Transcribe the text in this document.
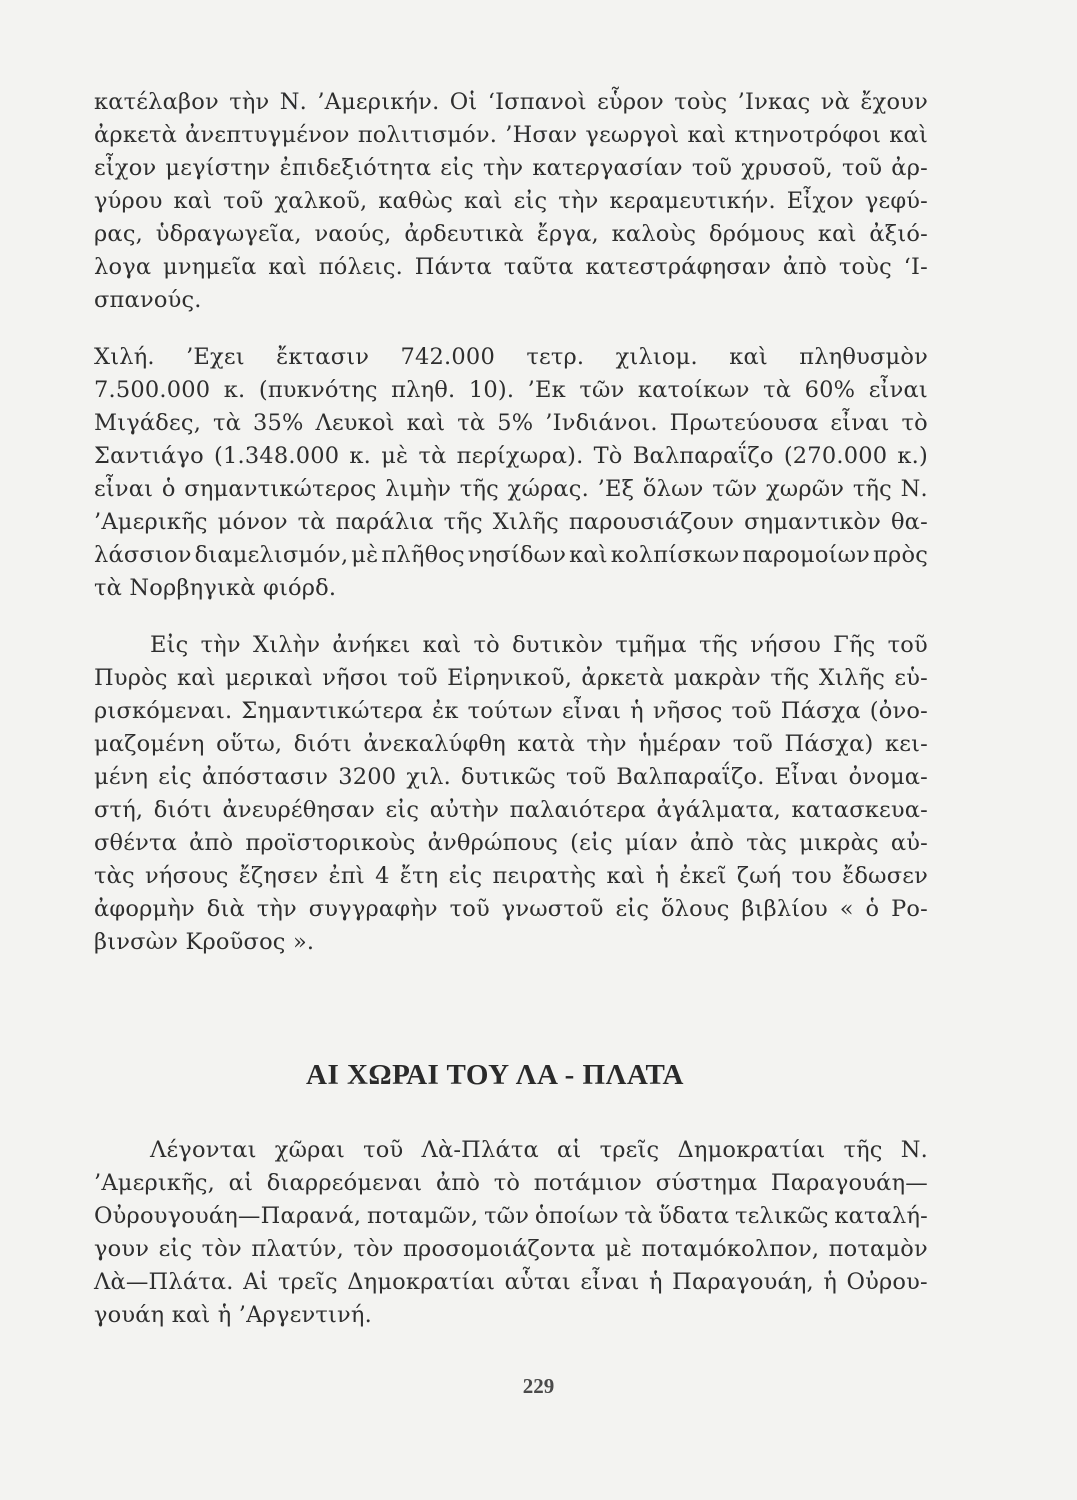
κατέλαβον τὴν Ν. ’Αμερικήν. Οἱ ‘Ισπανοὶ εὗρον τοὺς ’Ινκας νὰ ἔχουν
ἀρκετὰ ἀνεπτυγμένον πολιτισμόν. ’Ησαν γεωργοὶ καὶ κτηνοτρόφοι καὶ
εἶχον μεγίστην ἐπιδεξιότητα εἰς τὴν κατεργασίαν τοῦ χρυσοῦ, τοῦ ἀρ-
γύρου καὶ τοῦ χαλκοῦ, καθὼς καὶ εἰς τὴν κεραμευτικήν. Εἶχον γεφύ-
ρας, ὑδραγωγεῖα, ναούς, ἀρδευτικὰ ἔργα, καλοὺς δρόμους καὶ ἀξιό-
λογα μνημεῖα καὶ πόλεις. Πάντα ταῦτα κατεστράφησαν ἀπὸ τοὺς ‘Ι-
σπανούς.
Χιλή. ’Εχει ἔκτασιν 742.000 τετρ. χιλιομ. καὶ πληθυσμὸν
7.500.000 κ. (πυκνότης πληθ. 10). ’Εκ τῶν κατοίκων τὰ 60% εἶναι
Μιγάδες, τὰ 35% Λευκοὶ καὶ τὰ 5% ’Ινδιάνοι. Πρωτεύουσα εἶναι τὸ
Σαντιάγο (1.348.000 κ. μὲ τὰ περίχωρα). Τὸ Βαλπαραΐζο (270.000 κ.)
εἶναι ὁ σημαντικώτερος λιμὴν τῆς χώρας. ’Εξ ὅλων τῶν χωρῶν τῆς Ν.
’Αμερικῆς μόνον τὰ παράλια τῆς Χιλῆς παρουσιάζουν σημαντικὸν θα-
λάσσιον διαμελισμόν, μὲ πλῆθος νησίδων καὶ κολπίσκων παρομοίων πρὸς
τὰ Νορβηγικὰ φιόρδ.
Εἰς τὴν Χιλὴν ἀνήκει καὶ τὸ δυτικὸν τμῆμα τῆς νήσου Γῆς τοῦ
Πυρὸς καὶ μερικαὶ νῆσοι τοῦ Εἰρηνικοῦ, ἀρκετὰ μακρὰν τῆς Χιλῆς εὑ-
ρισκόμεναι. Σημαντικώτερα ἐκ τούτων εἶναι ἡ νῆσος τοῦ Πάσχα (ὀνο-
μαζομένη οὕτω, διότι ἀνεκαλύφθη κατὰ τὴν ἡμέραν τοῦ Πάσχα) κει-
μένη εἰς ἀπόστασιν 3200 χιλ. δυτικῶς τοῦ Βαλπαραΐζο. Εἶναι ὀνομα-
στή, διότι ἀνευρέθησαν εἰς αὐτὴν παλαιότερα ἀγάλματα, κατασκευα-
σθέντα ἀπὸ προϊστορικοὺς ἀνθρώπους (εἰς μίαν ἀπὸ τὰς μικρὰς αὐ-
τὰς νήσους ἔζησεν ἐπὶ 4 ἔτη εἰς πειρατὴς καὶ ἡ ἐκεῖ ζωή του ἔδωσεν
ἀφορμὴν διὰ τὴν συγγραφὴν τοῦ γνωστοῦ εἰς ὅλους βιβλίου « ὁ Ρο-
βινσὼν Κροῦσος ».
ΑΙ ΧΩΡΑΙ ΤΟΥ ΛΑ - ΠΛΑΤΑ
Λέγονται χῶραι τοῦ Λὰ-Πλάτα αἱ τρεῖς Δημοκρατίαι τῆς Ν.
’Αμερικῆς, αἱ διαρρεόμεναι ἀπὸ τὸ ποτάμιον σύστημα Παραγουάη—
Οὐρουγουάη—Παρανά, ποταμῶν, τῶν ὁποίων τὰ ὕδατα τελικῶς καταλή-
γουν εἰς τὸν πλατύν, τὸν προσομοιάζοντα μὲ ποταμόκολπον, ποταμὸν
Λὰ—Πλάτα. Αἱ τρεῖς Δημοκρατίαι αὗται εἶναι ἡ Παραγουάη, ἡ Οὐρου-
γουάη καὶ ἡ ’Αργεντινή.
229
